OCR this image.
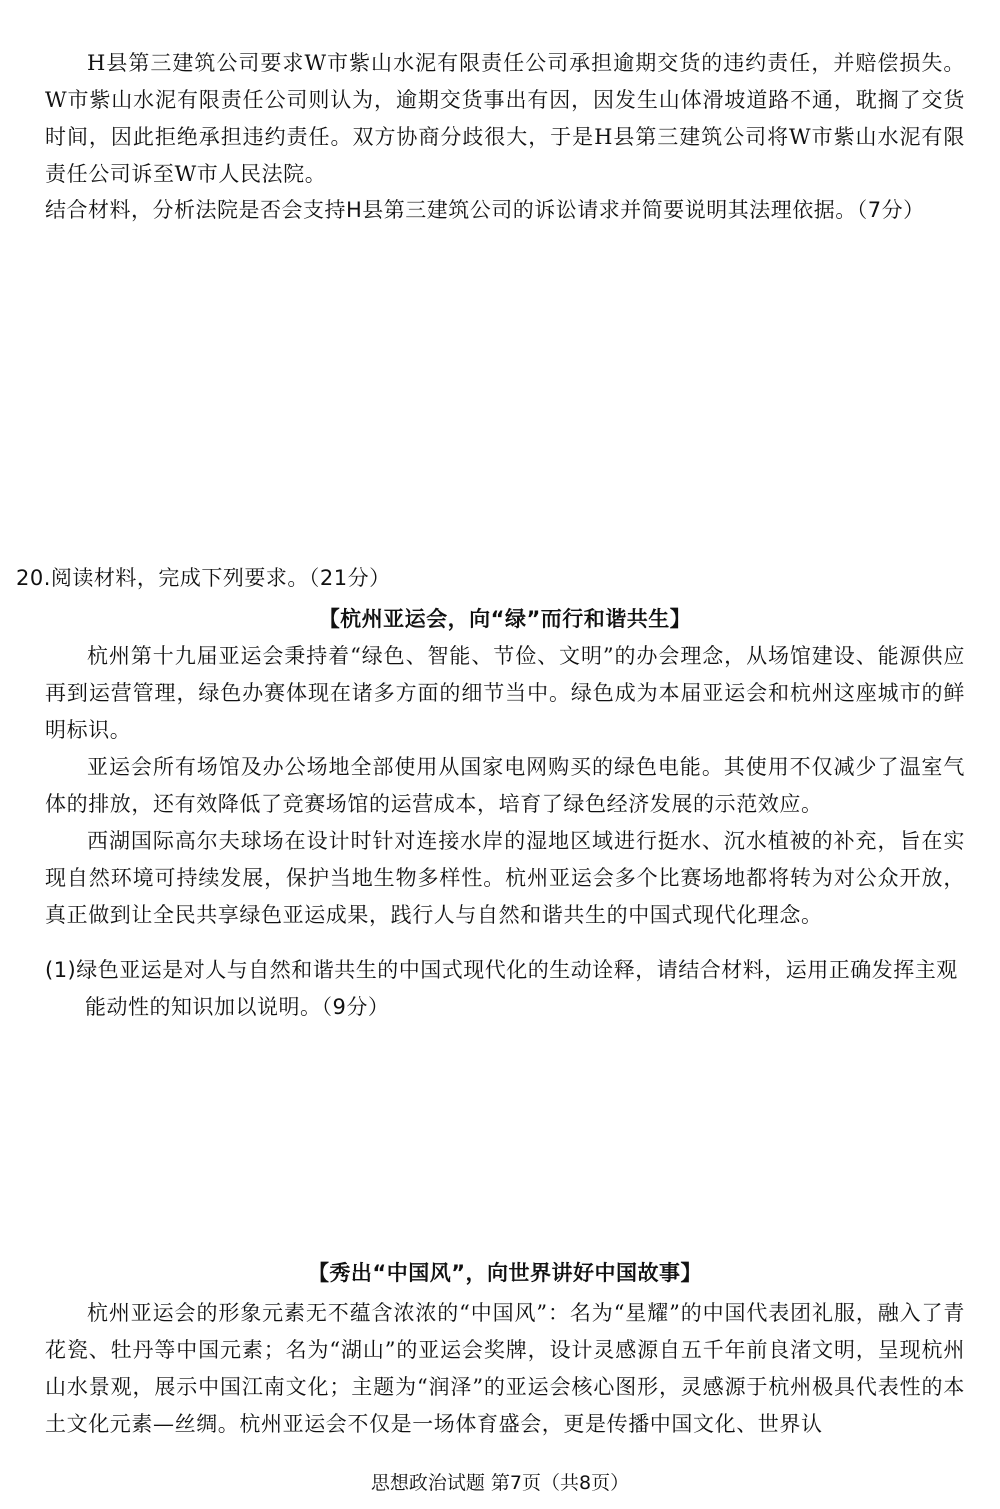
H县第三建筑公司要求W市紫山水泥有限责任公司承担逾期交货的违约责任，并赔偿损失。W市紫山水泥有限责任公司则认为，逾期交货事出有因，因发生山体滑坡道路不通，耽搁了交货时间，因此拒绝承担违约责任。双方协商分歧很大，于是H县第三建筑公司将W市紫山水泥有限责任公司诉至W市人民法院。

结合材料，分析法院是否会支持H县第三建筑公司的诉讼请求并简要说明其法理依据。（7分）

20.阅读材料，完成下列要求。（21分）

【杭州亚运会，向“绿”而行和谐共生】

杭州第十九届亚运会秉持着“绿色、智能、节俭、文明”的办会理念，从场馆建设、能源供应再到运营管理，绿色办赛体现在诸多方面的细节当中。绿色成为本届亚运会和杭州这座城市的鲜明标识。

亚运会所有场馆及办公场地全部使用从国家电网购买的绿色电能。其使用不仅减少了温室气体的排放，还有效降低了竞赛场馆的运营成本，培育了绿色经济发展的示范效应。

西湖国际高尔夫球场在设计时针对连接水岸的湿地区域进行挺水、沉水植被的补充，旨在实现自然环境可持续发展，保护当地生物多样性。杭州亚运会多个比赛场地都将转为对公众开放，真正做到让全民共享绿色亚运成果，践行人与自然和谐共生的中国式现代化理念。

(1)绿色亚运是对人与自然和谐共生的中国式现代化的生动诠释，请结合材料，运用正确发挥主观能动性的知识加以说明。（9分）

【秀出“中国风”，向世界讲好中国故事】

杭州亚运会的形象元素无不蕴含浓浓的“中国风”：名为“星耀”的中国代表团礼服，融入了青花瓷、牡丹等中国元素；名为“湖山”的亚运会奖牌，设计灵感源自五千年前良渚文明，呈现杭州山水景观，展示中国江南文化；主题为“润泽”的亚运会核心图形，灵感源于杭州极具代表性的本土文化元素—丝绸。杭州亚运会不仅是一场体育盛会，更是传播中国文化、世界认

思想政治试题 第7页（共8页）
